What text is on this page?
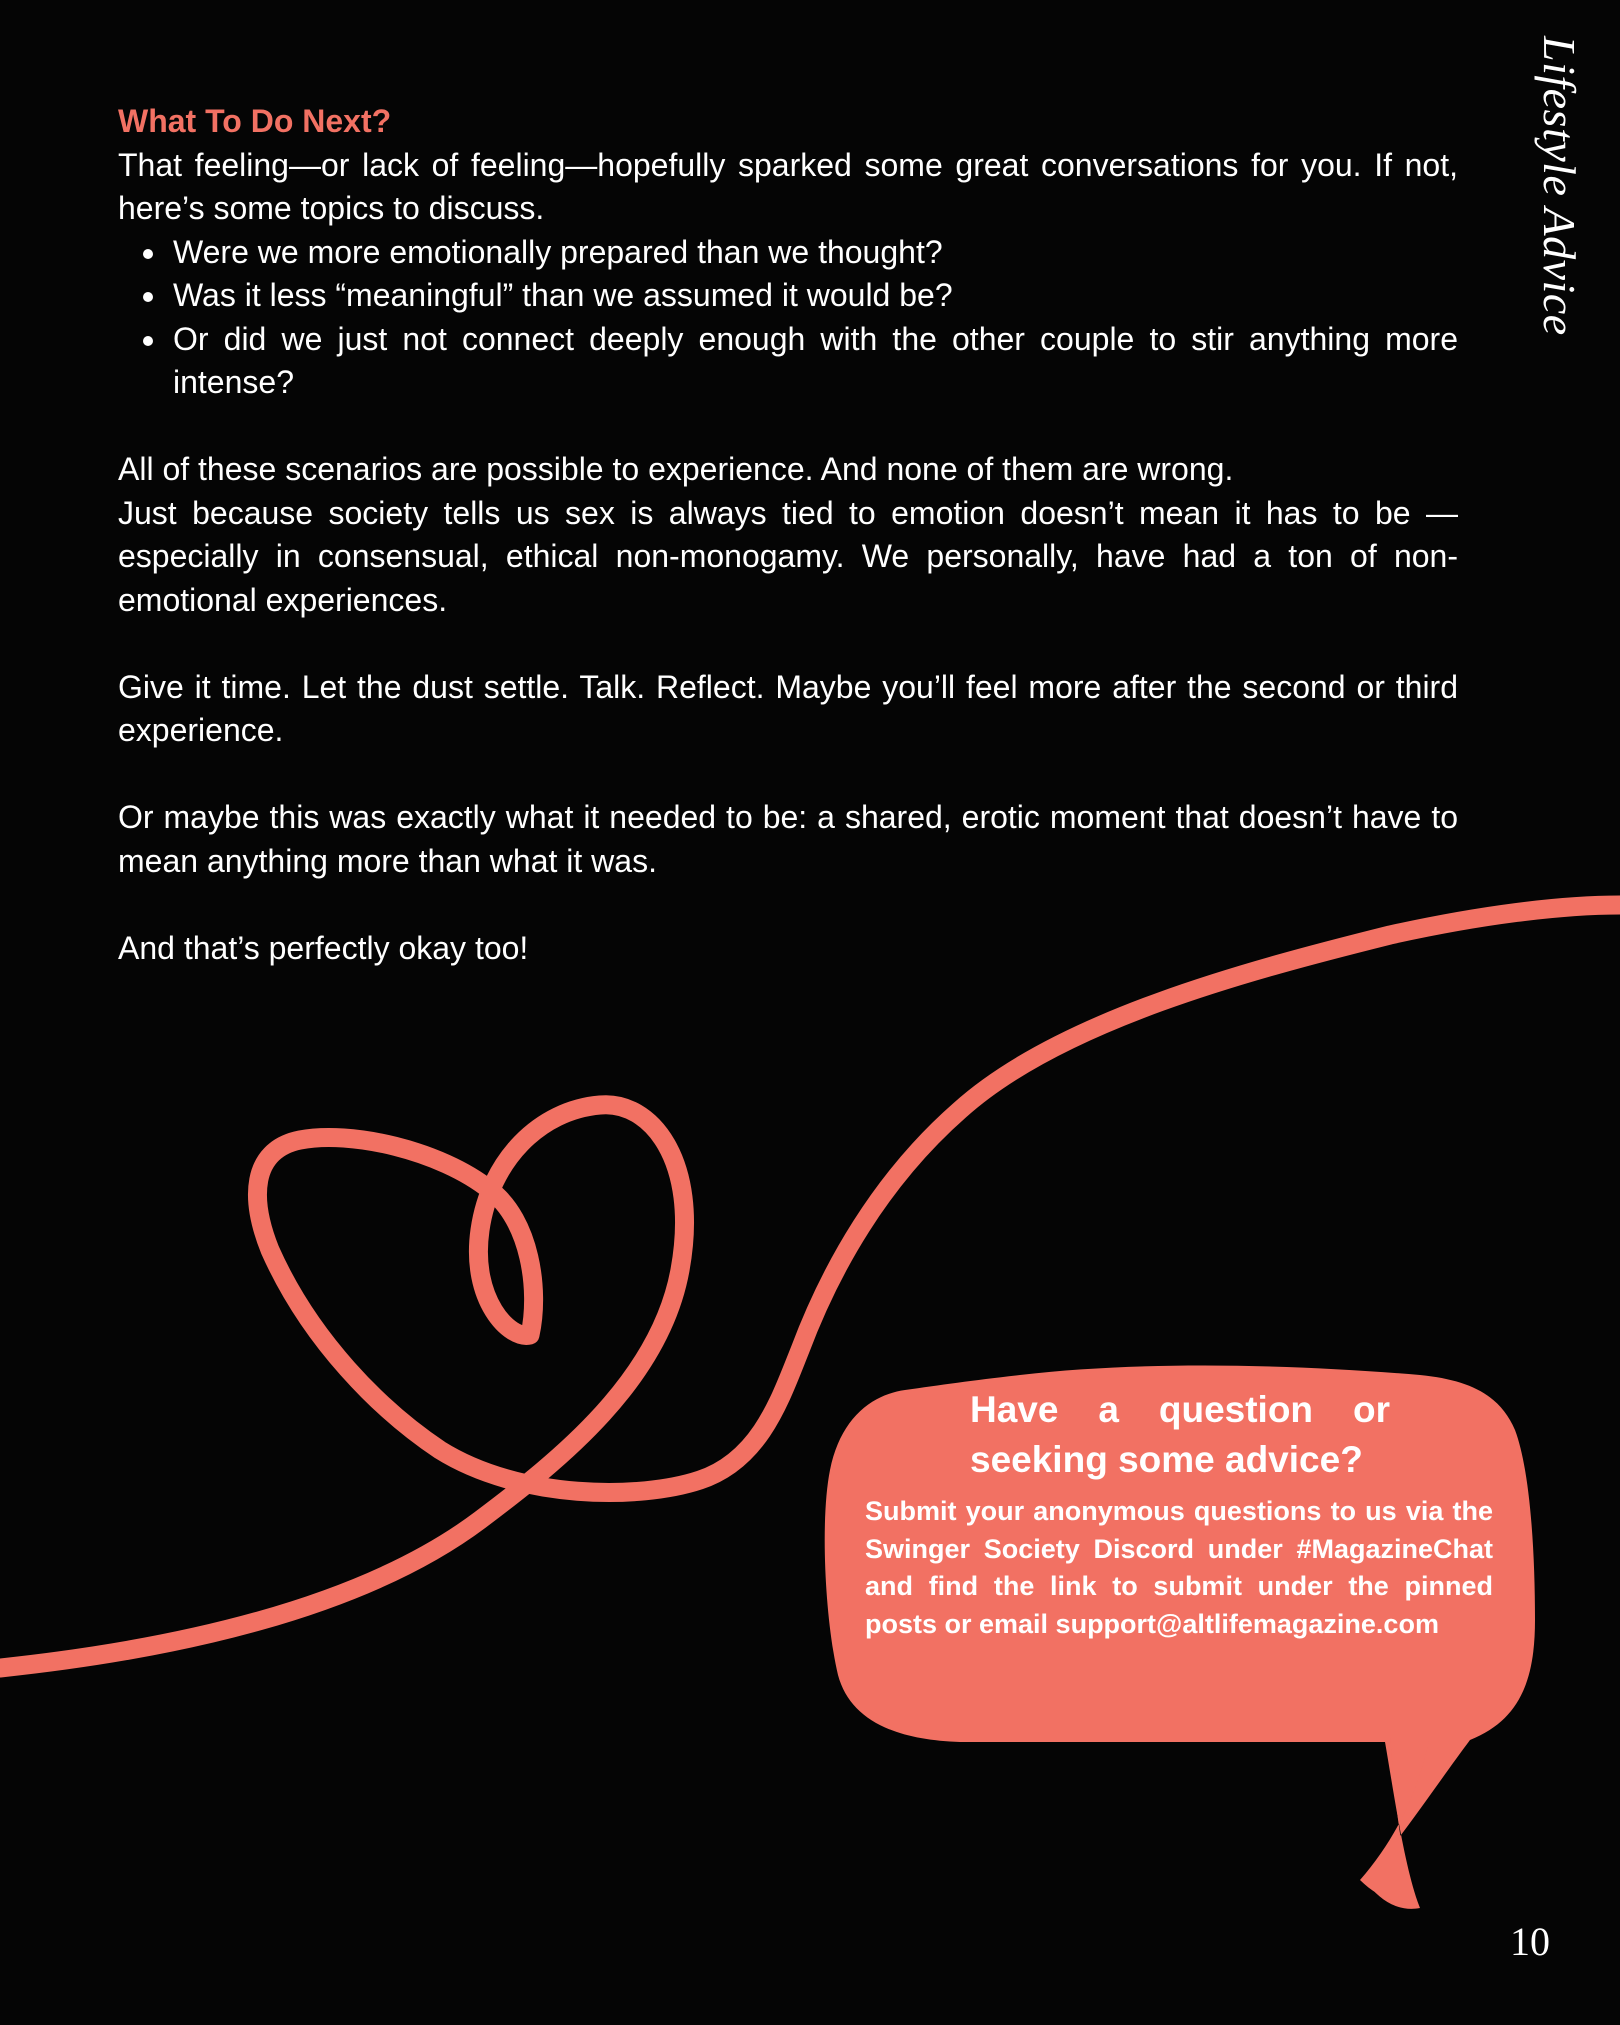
Lifestyle Advice
What To Do Next?

That feeling—or lack of feeling—hopefully sparked some great conversations for you. If not, here’s some topics to discuss.

Were we more emotionally prepared than we thought?
Was it less “meaningful” than we assumed it would be?
Or did we just not connect deeply enough with the other couple to stir anything more intense?

All of these scenarios are possible to experience. And none of them are wrong.

Just because society tells us sex is always tied to emotion doesn’t mean it has to be —especially in consensual, ethical non-monogamy. We personally, have had a ton of non-emotional experiences.

Give it time. Let the dust settle. Talk. Reflect. Maybe you’ll feel more after the second or third experience.

Or maybe this was exactly what it needed to be: a shared, erotic moment that doesn’t have to mean anything more than what it was.

And that’s perfectly okay too!

Have a question or
seeking some advice?

Submit your anonymous questions to us via the Swinger Society Discord under #MagazineChat and find the link to submit under the pinned posts or email support@altlifemagazine.com

10
